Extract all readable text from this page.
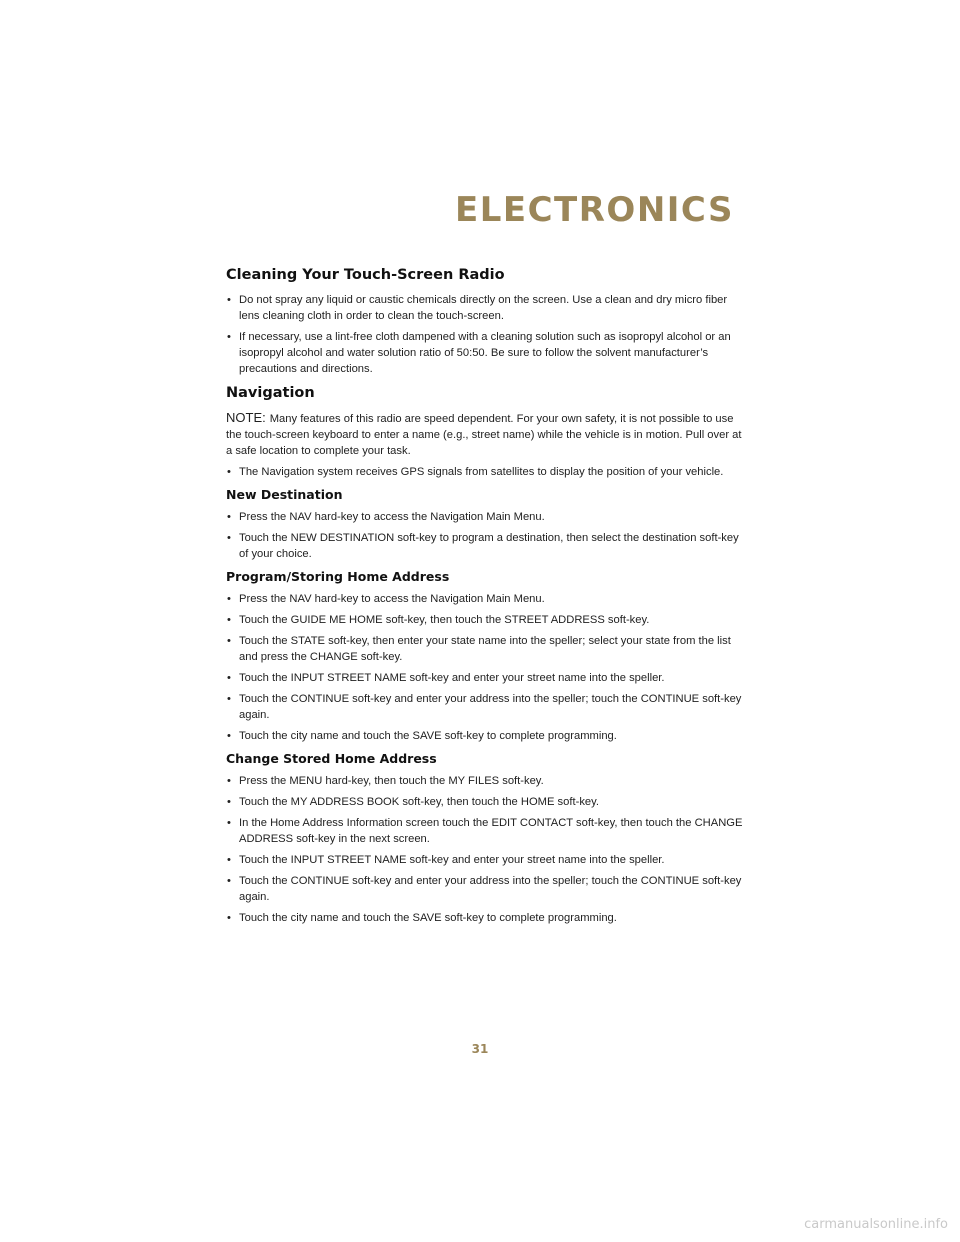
ELECTRONICS
Cleaning Your Touch-Screen Radio
• Do not spray any liquid or caustic chemicals directly on the screen. Use a clean and dry micro fiber lens cleaning cloth in order to clean the touch-screen.
• If necessary, use a lint-free cloth dampened with a cleaning solution such as isopropyl alcohol or an isopropyl alcohol and water solution ratio of 50:50. Be sure to follow the solvent manufacturer’s precautions and directions.
Navigation

NOTE: Many features of this radio are speed dependent. For your own safety, it is not possible to use the touch-screen keyboard to enter a name (e.g., street name) while the vehicle is in motion. Pull over at a safe location to complete your task.

• The Navigation system receives GPS signals from satellites to display the position of your vehicle.
New Destination
• Press the NAV hard-key to access the Navigation Main Menu.
• Touch the NEW DESTINATION soft-key to program a destination, then select the destination soft-key of your choice.
Program/Storing Home Address
• Press the NAV hard-key to access the Navigation Main Menu.
• Touch the GUIDE ME HOME soft-key, then touch the STREET ADDRESS soft-key.
• Touch the STATE soft-key, then enter your state name into the speller; select your state from the list and press the CHANGE soft-key.
• Touch the INPUT STREET NAME soft-key and enter your street name into the speller.
• Touch the CONTINUE soft-key and enter your address into the speller; touch the CONTINUE soft-key again.
• Touch the city name and touch the SAVE soft-key to complete programming.
Change Stored Home Address
• Press the MENU hard-key, then touch the MY FILES soft-key.
• Touch the MY ADDRESS BOOK soft-key, then touch the HOME soft-key.
• In the Home Address Information screen touch the EDIT CONTACT soft-key, then touch the CHANGE ADDRESS soft-key in the next screen.
• Touch the INPUT STREET NAME soft-key and enter your street name into the speller.
• Touch the CONTINUE soft-key and enter your address into the speller; touch the CONTINUE soft-key again.
• Touch the city name and touch the SAVE soft-key to complete programming.
31
carmanualsonline.info
